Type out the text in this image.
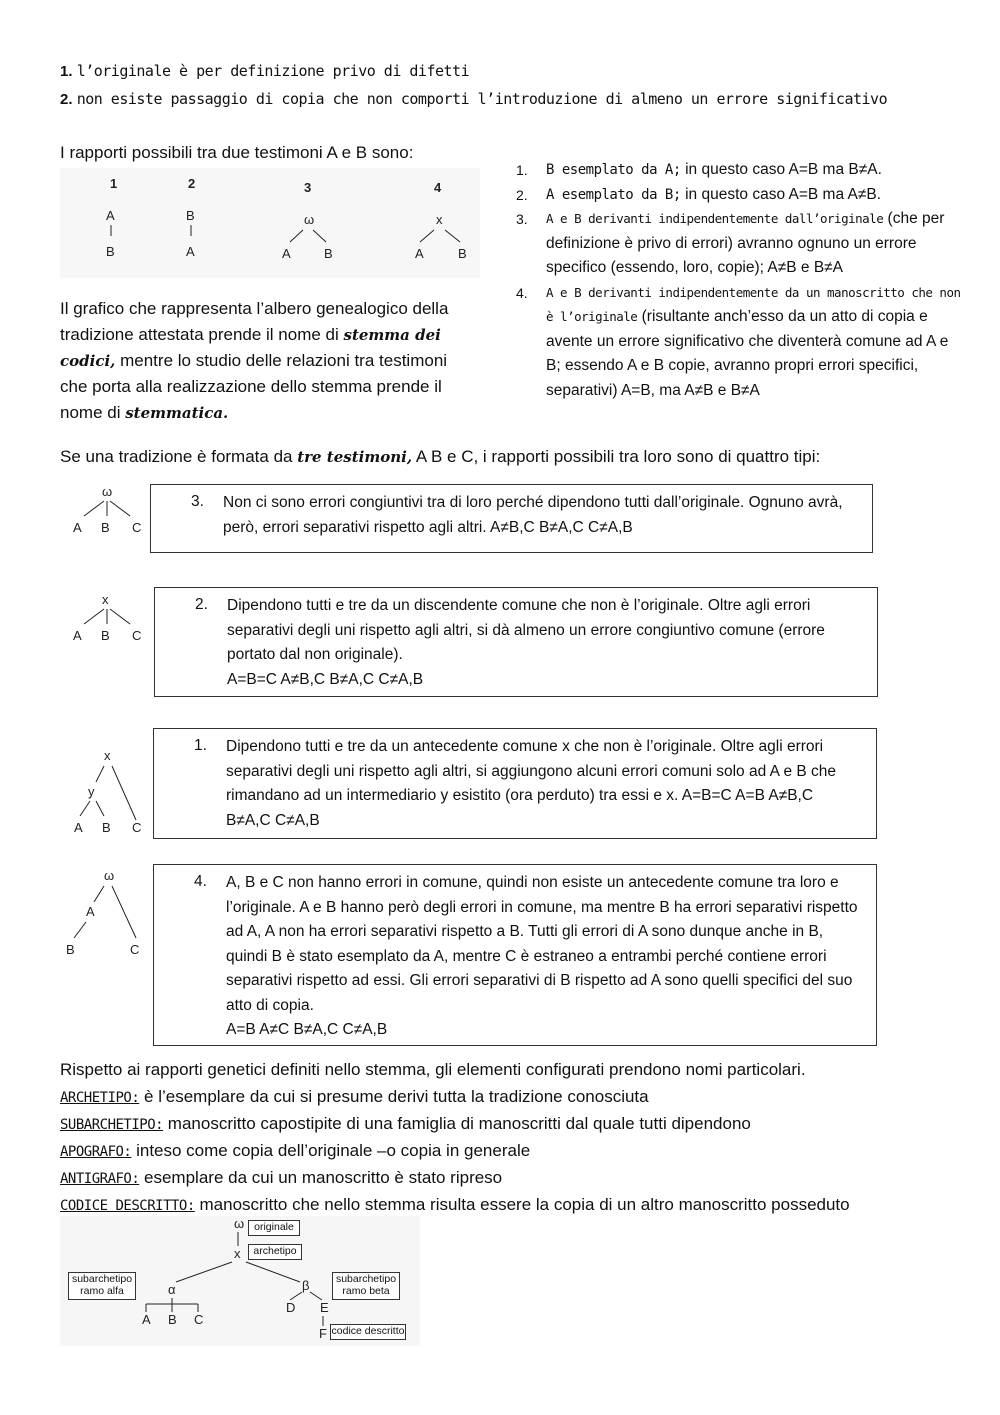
1. l’originale è per definizione privo di difetti
2. non esiste passaggio di copia che non comporti l’introduzione di almeno un errore significativo
I rapporti possibili tra due testimoni A e B sono:
1	2	3	4
A
B
B
A
ω
A	B
x
A	B
1. B esemplato da A; in questo caso A=B ma B≠A.
2. A esemplato da B; in questo caso A=B ma A≠B.
3. A e B derivanti indipendentemente dall’originale (che per definizione è privo di errori) avranno ognuno un errore specifico (essendo, loro, copie); A≠B e B≠A
4. A e B derivanti indipendentemente da un manoscritto che non è l’originale (risultante anch’esso da un atto di copia e avente un errore significativo che diventerà comune ad A e B; essendo A e B copie, avranno propri errori specifici, separativi) A=B, ma A≠B e B≠A
Il grafico che rappresenta l’albero genealogico della tradizione attestata prende il nome di stemma dei codici, mentre lo studio delle relazioni tra testimoni che porta alla realizzazione dello stemma prende il nome di stemmatica.
Se una tradizione è formata da tre testimoni, A B e C, i rapporti possibili tra loro sono di quattro tipi:
ω
A B C
3. Non ci sono errori congiuntivi tra di loro perché dipendono tutti dall’originale. Ognuno avrà, però, errori separativi rispetto agli altri. A≠B,C B≠A,C C≠A,B
x
A B C
2. Dipendono tutti e tre da un discendente comune che non è l’originale. Oltre agli errori separativi degli uni rispetto agli altri, si dà almeno un errore congiuntivo comune (errore portato dal non originale).
A=B=C A≠B,C B≠A,C C≠A,B
x
y
A B C
1. Dipendono tutti e tre da un antecedente comune x che non è l’originale. Oltre agli errori separativi degli uni rispetto agli altri, si aggiungono alcuni errori comuni solo ad A e B che rimandano ad un intermediario y esistito (ora perduto) tra essi e x. A=B=C A=B A≠B,C B≠A,C C≠A,B
ω
A
B	C
4. A, B e C non hanno errori in comune, quindi non esiste un antecedente comune tra loro e l’originale. A e B hanno però degli errori in comune, ma mentre B ha errori separativi rispetto ad A, A non ha errori separativi rispetto a B. Tutti gli errori di A sono dunque anche in B, quindi B è stato esemplato da A, mentre C è estraneo a entrambi perché contiene errori separativi rispetto ad essi. Gli errori separativi di B rispetto ad A sono quelli specifici del suo atto di copia.
A=B A≠C B≠A,C C≠A,B
Rispetto ai rapporti genetici definiti nello stemma, gli elementi configurati prendono nomi particolari.
ARCHETIPO: è l’esemplare da cui si presume derivi tutta la tradizione conosciuta
SUBARCHETIPO: manoscritto capostipite di una famiglia di manoscritti dal quale tutti dipendono
APOGRAFO: inteso come copia dell’originale –o copia in generale
ANTIGRAFO: esemplare da cui un manoscritto è stato ripreso
CODICE DESCRITTO: manoscritto che nello stemma risulta essere la copia di un altro manoscritto posseduto
ω
x
α
A B C
β
D E
F
originale
archetipo
subarchetipo ramo alfa
subarchetipo ramo beta
codice descritto
